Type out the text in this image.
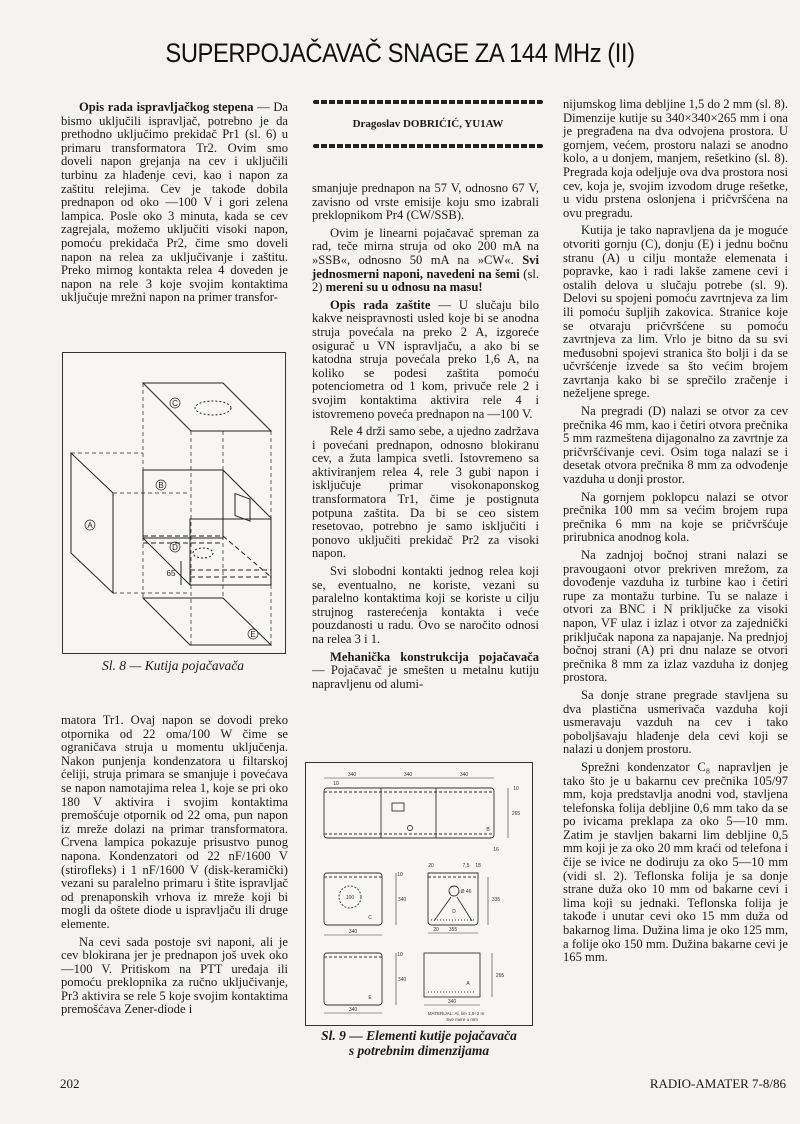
SUPERPOJAČAVAČ SNAGE ZA 144 MHz (II)

Opis rada ispravljačkog stepena — Da bismo uključili ispravljač, potrebno je da prethodno uključimo prekidač Pr1 (sl. 6) u primaru transformatora Tr2. Ovim smo doveli napon grejanja na cev i uključili turbinu za hlađenje cevi, kao i napon za zaštitu relejima. Cev je takođe dobila prednapon od oko —100 V i gori zelena lampica. Posle oko 3 minuta, kada se cev zagrejala, možemo uključiti visoki napon, pomoću prekidača Pr2, čime smo doveli napon na relea za uključivanje i zaštitu. Preko mirnog kontakta relea 4 doveden je napon na rele 3 koje svojim kontaktima uključuje mrežni napon na primer transfor-

C
B
A
D
E
65
Sl. 8 — Kutija pojačavača

matora Tr1. Ovaj napon se dovodi preko otpornika od 22 oma/100 W čime se ograničava struja u momentu uključenja. Nakon punjenja kondenzatora u filtarskoj ćeliji, struja primara se smanjuje i povećava se napon namotajima relea 1, koje se pri oko 180 V aktivira i svojim kontaktima premošćuje otpornik od 22 oma, pun napon iz mreže dolazi na primar transformatora. Crvena lampica pokazuje prisustvo punog napona. Kondenzatori od 22 nF/1600 V (stirofleks) i 1 nF/1600 V (disk-keramički) vezani su paralelno primaru i štite ispravljač od prenaponskih vrhova iz mreže koji bi mogli da oštete diode u ispravljaču ili druge elemente.

Na cevi sada postoje svi naponi, ali je cev blokirana jer je prednapon još uvek oko —100 V. Pritiskom na PTT uređaja ili pomoću preklopnika za ručno uključivanje, Pr3 aktivira se rele 5 koje svojim kontaktima premošćava Zener-diode i

Dragoslav DOBRIĆIĆ, YU1AW

smanjuje prednapon na 57 V, odnosno 67 V, zavisno od vrste emisije koju smo izabrali preklopnikom Pr4 (CW/SSB).

Ovim je linearni pojačavač spreman za rad, teče mirna struja od oko 200 mA na »SSB«, odnosno 50 mA na »CW«. Svi jednosmerni naponi, navedeni na šemi (sl. 2) mereni su u odnosu na masu!

Opis rada zaštite — U slučaju bilo kakve neispravnosti usled koje bi se anodna struja povećala na preko 2 A, izgoreće osigurač u VN ispravljaču, a ako bi se katodna struja povećala preko 1,6 A, na koliko se podesi zaštita pomoću potenciometra od 1 kom, privuče rele 2 i svojim kontaktima aktivira rele 4 i istovremeno poveća prednapon na —100 V.

Rele 4 drži samo sebe, a ujedno zadržava i povećani prednapon, odnosno blokiranu cev, a žuta lampica svetli. Istovremeno sa aktiviranjem relea 4, rele 3 gubi napon i isključuje primar visokonaponskog transformatora Tr1, čime je postignuta potpuna zaštita. Da bi se ceo sistem resetovao, potrebno je samo isključiti i ponovo uključiti prekidač Pr2 za visoki napon.

Svi slobodni kontakti jednog relea koji se, eventualno, ne koriste, vezani su paralelno kontaktima koji se koriste u cilju strujnog rasterećenja kontakta i veće pouzdanosti u radu. Ovo se naročito odnosi na relea 3 i 1.

Mehanička konstrukcija pojačavača — Pojačavač je smešten u metalnu kutiju napravljenu od alumi-

340	340	340
10
265
10
20	7,5 18
16
340
340
10
100
Ø 46
355
335
20
340
340
10
340
265
B
C
D
E
A
MATERIJAL: Al. lim 1,5÷2 m
Sve mere u mm
Sl. 9 — Elementi kutije pojačavača
s potrebnim dimenzijama

nijumskog lima debljine 1,5 do 2 mm (sl. 8). Dimenzije kutije su 340×340×265 mm i ona je pregrađena na dva odvojena prostora. U gornjem, većem, prostoru nalazi se anodno kolo, a u donjem, manjem, rešetkino (sl. 8). Pregrada koja odeljuje ova dva prostora nosi cev, koja je, svojim izvodom druge rešetke, u vidu prstena oslonjena i pričvršćena na ovu pregradu.

Kutija je tako napravljena da je moguće otvoriti gornju (C), donju (E) i jednu bočnu stranu (A) u cilju montaže elemenata i popravke, kao i radi lakše zamene cevi i ostalih delova u slučaju potrebe (sl. 9). Delovi su spojeni pomoću zavrtnjeva za lim ili pomoću šupljih zakovica. Stranice koje se otvaraju pričvršćene su pomoću zavrtnjeva za lim. Vrlo je bitno da su svi međusobni spojevi stranica što bolji i da se učvršćenje izvede sa što većim brojem zavrtanja kako bi se sprečilo zračenje i neželjene sprege.

Na pregradi (D) nalazi se otvor za cev prečnika 46 mm, kao i četiri otvora prečnika 5 mm razmeštena dijagonalno za zavrtnje za pričvršćivanje cevi. Osim toga nalazi se i desetak otvora prečnika 8 mm za odvođenje vazduha u donji prostor.

Na gornjem poklopcu nalazi se otvor prečnika 100 mm sa većim brojem rupa prečnika 6 mm na koje se pričvršćuje prirubnica anodnog kola.

Na zadnjoj bočnoj strani nalazi se pravougaoni otvor prekriven mrežom, za dovođenje vazduha iz turbine kao i četiri rupe za montažu turbine. Tu se nalaze i otvori za BNC i N priključke za visoki napon, VF ulaz i izlaz i otvor za zajednički priključak napona za napajanje. Na prednjoj bočnoj strani (A) pri dnu nalaze se otvori prečnika 8 mm za izlaz vazduha iz donjeg prostora.

Sa donje strane pregrade stavljena su dva plastična usmerivača vazduha koji usmeravaju vazduh na cev i tako poboljšavaju hlađenje dela cevi koji se nalazi u donjem prostoru.

Sprežni kondenzator C₈ napravljen je tako što je u bakarnu cev prečnika 105/97 mm, koja predstavlja anodni vod, stavljena telefonska folija debljine 0,6 mm tako da se po ivicama preklapa za oko 5—10 mm. Zatim je stavljen bakarni lim debljine 0,5 mm koji je za oko 20 mm kraći od telefona i čije se ivice ne dodiruju za oko 5—10 mm (vidi sl. 2). Teflonska folija je sa donje strane duža oko 10 mm od bakarne cevi i lima koji su jednaki. Teflonska folija je takođe i unutar cevi oko 15 mm duža od bakarnog lima. Dužina lima je oko 125 mm, a folije oko 150 mm. Dužina bakarne cevi je 165 mm.

202	RADIO-AMATER 7-8/86
